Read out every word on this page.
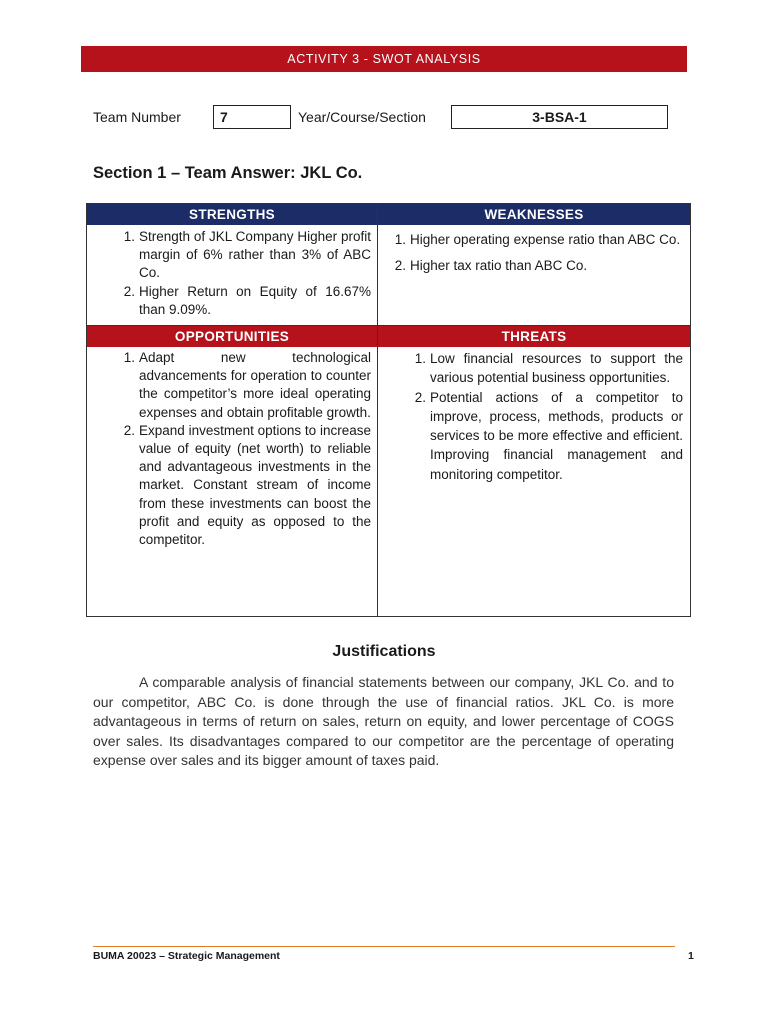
ACTIVITY 3 - SWOT ANALYSIS
Team Number	7	Year/Course/Section	3-BSA-1
Section 1 – Team Answer: JKL Co.
STRENGTHS
1. Strength of JKL Company Higher profit margin of 6% rather than 3% of ABC Co.
2. Higher Return on Equity of 16.67% than 9.09%.
WEAKNESSES
1. Higher operating expense ratio than ABC Co.
2. Higher tax ratio than ABC Co.
OPPORTUNITIES
1. Adapt new technological advancements for operation to counter the competitor’s more ideal operating expenses and obtain profitable growth.
2. Expand investment options to increase value of equity (net worth) to reliable and advantageous investments in the market. Constant stream of income from these investments can boost the profit and equity as opposed to the competitor.
THREATS
1. Low financial resources to support the various potential business opportunities.
2. Potential actions of a competitor to improve, process, methods, products or services to be more effective and efficient. Improving financial management and monitoring competitor.
Justifications
A comparable analysis of financial statements between our company, JKL Co. and to our competitor, ABC Co. is done through the use of financial ratios. JKL Co. is more advantageous in terms of return on sales, return on equity, and lower percentage of COGS over sales. Its disadvantages compared to our competitor are the percentage of operating expense over sales and its bigger amount of taxes paid.
BUMA 20023 – Strategic Management	1
